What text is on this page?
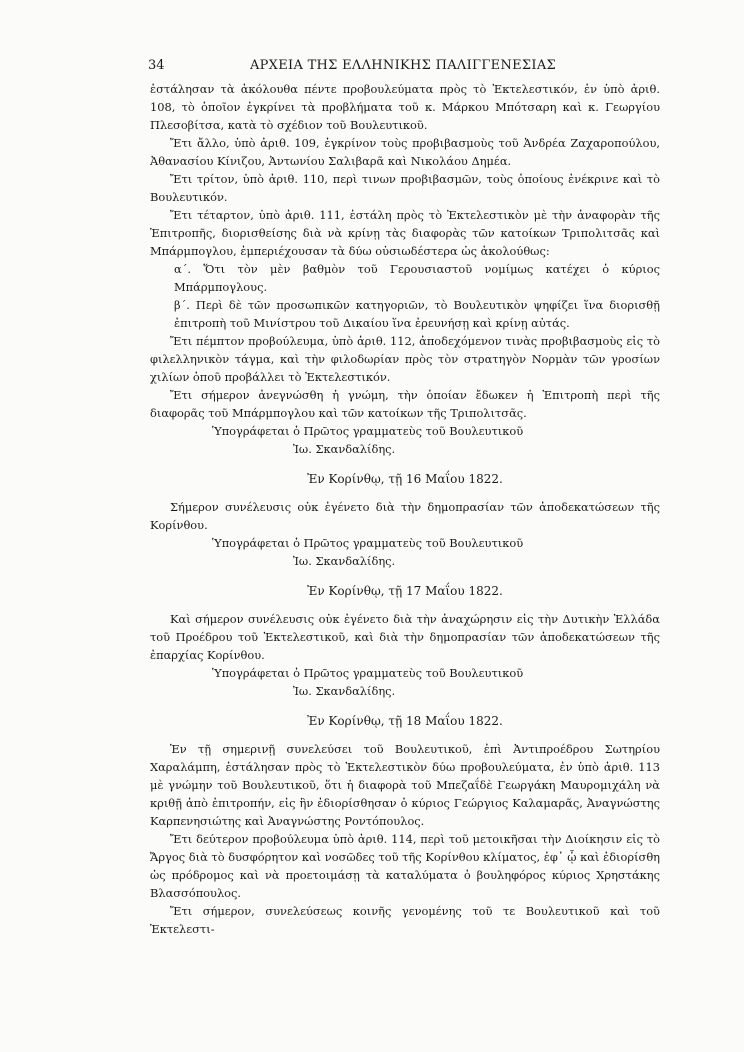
34	ΑΡΧΕΙΑ ΤΗΣ ΕΛΛΗΝΙΚΗΣ ΠΑΛΙΓΓΕΝΕΣΙΑΣ

ἐστάλησαν τὰ ἀκόλουθα πέντε προβουλεύματα πρὸς τὸ Ἐκτελεστικόν, ἐν ὑπὸ ἀριθ. 108, τὸ ὁποῖον ἐγκρίνει τὰ προβλήματα τοῦ κ. Μάρκου Μπότσαρη καὶ κ. Γεωργίου Πλεσοβίτσα, κατὰ τὸ σχέδιον τοῦ Βουλευτικοῦ.

Ἔτι ἄλλο, ὑπὸ ἀριθ. 109, ἐγκρίνον τοὺς προβιβασμοὺς τοῦ Ἀνδρέα Ζαχαροπούλου, Ἀθανασίου Κίνιζου, Ἀντωνίου Σαλιβαρᾶ καὶ Νικολάου Δημέα.

Ἔτι τρίτον, ὑπὸ ἀριθ. 110, περὶ τινων προβιβασμῶν, τοὺς ὁποίους ἐνέκρινε καὶ τὸ Βουλευτικόν.

Ἔτι τέταρτον, ὑπὸ ἀριθ. 111, ἐστάλη πρὸς τὸ Ἐκτελεστικὸν μὲ τὴν ἀναφορὰν τῆς Ἐπιτροπῆς, διορισθείσης διὰ νὰ κρίνῃ τὰς διαφορὰς τῶν κατοίκων Τριπολιτσᾶς καὶ Μπάρμπογλου, ἐμπεριέχουσαν τὰ δύω οὐσιωδέστερα ὡς ἀκολούθως:

α΄. Ὅτι τὸν μὲν βαθμὸν τοῦ Γερουσιαστοῦ νομίμως κατέχει ὁ κύριος Μπάρμπογλους.

β΄. Περὶ δὲ τῶν προσωπικῶν κατηγοριῶν, τὸ Βουλευτικὸν ψηφίζει ἵνα διορισθῇ ἐπιτροπὴ τοῦ Μινίστρου τοῦ Δικαίου ἵνα ἐρευνήσῃ καὶ κρίνῃ αὐτάς.

Ἔτι πέμπτον προβούλευμα, ὑπὸ ἀριθ. 112, ἀποδεχόμενον τινὰς προβιβασμοὺς εἰς τὸ φιλελληνικὸν τάγμα, καὶ τὴν φιλοδωρίαν πρὸς τὸν στρατηγὸν Νορμὰν τῶν γροσίων χιλίων ὁποῦ προβάλλει τὸ Ἐκτελεστικόν.

Ἔτι σήμερον ἀνεγνώσθη ἡ γνώμη, τὴν ὁποίαν ἔδωκεν ἡ Ἐπιτροπὴ περὶ τῆς διαφορᾶς τοῦ Μπάρμπογλου καὶ τῶν κατοίκων τῆς Τριπολιτσᾶς.

Ὑπογράφεται ὁ Πρῶτος γραμματεὺς τοῦ Βουλευτικοῦ

Ἰω. Σκανδαλίδης.

Ἐν Κορίνθῳ, τῇ 16 Μαΐου 1822.

Σήμερον συνέλευσις οὐκ ἐγένετο διὰ τὴν δημοπρασίαν τῶν ἀποδεκατώσεων τῆς Κορίνθου.

Ὑπογράφεται ὁ Πρῶτος γραμματεὺς τοῦ Βουλευτικοῦ

Ἰω. Σκανδαλίδης.

Ἐν Κορίνθῳ, τῇ 17 Μαΐου 1822.

Καὶ σήμερον συνέλευσις οὐκ ἐγένετο διὰ τὴν ἀναχώρησιν εἰς τὴν Δυτικὴν Ἑλλάδα τοῦ Προέδρου τοῦ Ἐκτελεστικοῦ, καὶ διὰ τὴν δημοπρασίαν τῶν ἀποδεκατώσεων τῆς ἐπαρχίας Κορίνθου.

Ὑπογράφεται ὁ Πρῶτος γραμματεὺς τοῦ Βουλευτικοῦ

Ἰω. Σκανδαλίδης.

Ἐν Κορίνθῳ, τῇ 18 Μαΐου 1822.

Ἐν τῇ σημερινῇ συνελεύσει τοῦ Βουλευτικοῦ, ἐπὶ Ἀντιπροέδρου Σωτηρίου Χαραλάμπη, ἐστάλησαν πρὸς τὸ Ἐκτελεστικὸν δύω προβουλεύματα, ἐν ὑπὸ ἀριθ. 113 μὲ γνώμην τοῦ Βουλευτικοῦ, ὅτι ἡ διαφορὰ τοῦ Μπεζαΐδὲ Γεωργάκη Μαυρομιχάλη νὰ κριθῇ ἀπὸ ἐπιτροπήν, εἰς ἣν ἐδιορίσθησαν ὁ κύριος Γεώργιος Καλαμαρᾶς, Ἀναγνώστης Καρπενησιώτης καὶ Ἀναγνώστης Ροντόπουλος.

Ἔτι δεύτερον προβούλευμα ὑπὸ ἀριθ. 114, περὶ τοῦ μετοικῆσαι τὴν Διοίκησιν εἰς τὸ Ἄργος διὰ τὸ δυσφόρητον καὶ νοσῶδες τοῦ τῆς Κορίνθου κλίματος, ἐφ᾽ ᾧ καὶ ἐδιορίσθη ὡς πρόδρομος καὶ νὰ προετοιμάσῃ τὰ καταλύματα ὁ βουληφόρος κύριος Χρηστάκης Βλασσόπουλος.

Ἔτι σήμερον, συνελεύσεως κοινῆς γενομένης τοῦ τε Βουλευτικοῦ καὶ τοῦ Ἐκτελεστι-
